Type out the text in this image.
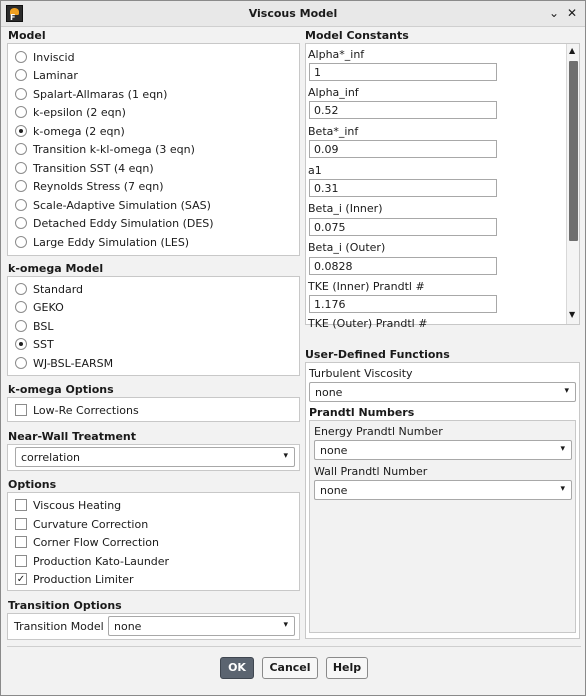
F	Viscous Model	⌄ ✕
Model
Inviscid
Laminar
Spalart-Allmaras (1 eqn)
k-epsilon (2 eqn)
k-omega (2 eqn)
Transition k-kl-omega (3 eqn)
Transition SST (4 eqn)
Reynolds Stress (7 eqn)
Scale-Adaptive Simulation (SAS)
Detached Eddy Simulation (DES)
Large Eddy Simulation (LES)
k-omega Model
Standard
GEKO
BSL
SST
WJ-BSL-EARSM
k-omega Options
Low-Re Corrections
Near-Wall Treatment
correlation	▾
Options
Viscous Heating
Curvature Correction
Corner Flow Correction
Production Kato-Launder
✓ Production Limiter
Transition Options
Transition Model none	▾
Model Constants
Alpha*_inf
1
Alpha_inf
0.52
Beta*_inf
0.09
a1
0.31
Beta_i (Inner)
0.075
Beta_i (Outer)
0.0828
TKE (Inner) Prandtl #
1.176
TKE (Outer) Prandtl #
▲
▼
User-Defined Functions
Turbulent Viscosity
none	▾
Prandtl Numbers
Energy Prandtl Number
none	▾
Wall Prandtl Number
none	▾
OK	Cancel	Help
